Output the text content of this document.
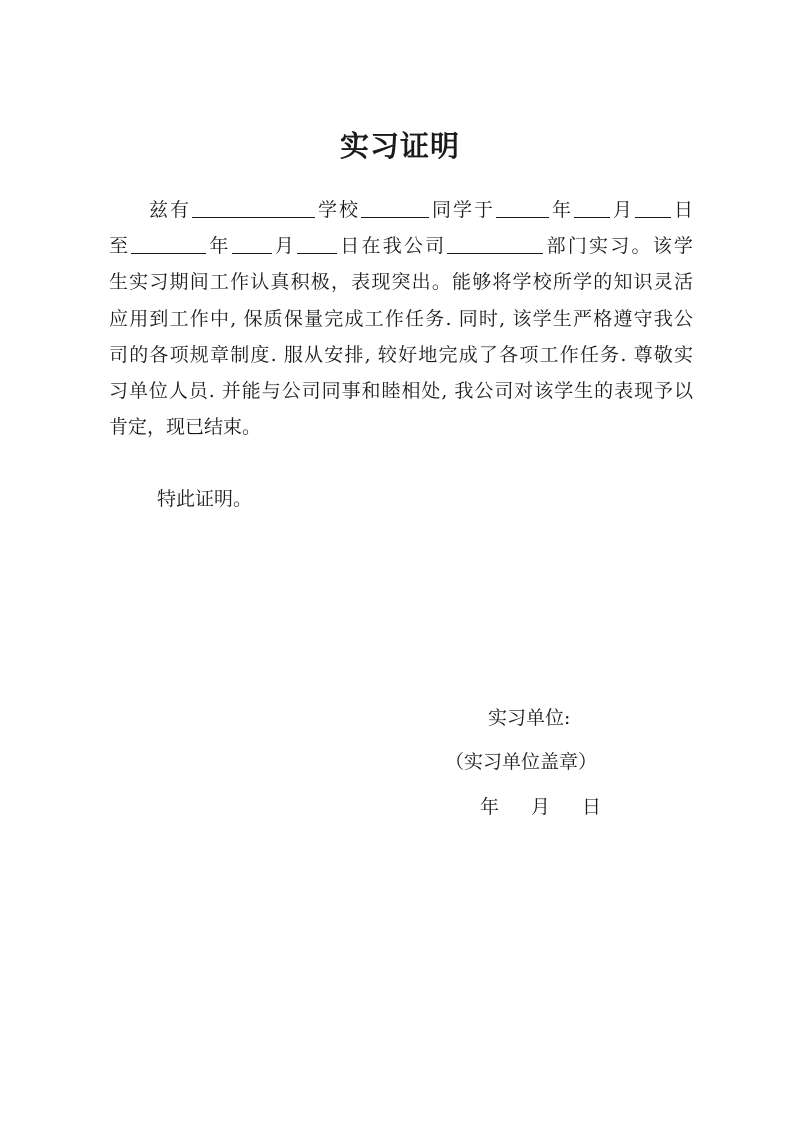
实习证明
兹有	学校	同学于	年 月 日
至	年 月 日在我公司	部门实习。该学
生实习期间工作认真积极，表现突出。能够将学校所学的知识灵活
应用到工作中, 保质保量完成工作任务. 同时, 该学生严格遵守我公
司的各项规章制度. 服从安排, 较好地完成了各项工作任务. 尊敬实
习单位人员. 并能与公司同事和睦相处, 我公司对该学生的表现予以
肯定，现已结束。
特此证明。
实习单位:
（实习单位盖章）
年 月 日
